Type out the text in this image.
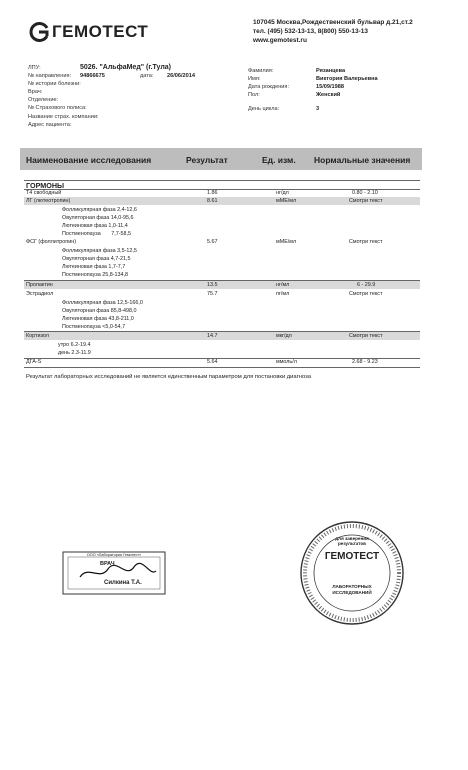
ГЕМОТЕСТ	107045 Москва,Рождественский бульвар д.21,ст.2
тел. (495) 532-13-13, 8(800) 550-13-13
www.gemotest.ru
ЛПУ:	5026. "АльфаМед" (г.Тула)
№ направления:	94866675	дата:	26/06/2014
№ истории болезни:
Врач:
Отделение:
№ Страхового полиса:
Название страх. компании:
Адрес пациента:
Фамилия:	Рязанцева
Имя:	Виктория Валерьевна
Дата рождения:	15/09/1988
Пол:	Женский
День цикла:	3
Наименование исследования	Результат	Ед. изм. Нормальные значения
ГОРМОНЫ
Т4 свободный	1.86	нг/дл	0.80 - 2.10
ЛГ (лютеотропин)	8.61	мМЕ/мл	Смотри текст
Фолликулярная фаза 2,4-12,6
Овуляторная фаза 14,0-95,6
Лютеиновая фаза 1,0-11,4
Постменопауза 7,7-58,5
ФСГ (фоллитропин)	5.67	мМЕ/мл	Смотри текст
Фолликулярная фаза 3,5-12,5
Овуляторная фаза 4,7-21,5
Лютеиновая фаза 1,7-7,7
Постменопауза 25,8-134,8
Пролактин	13.5	нг/мл	6 - 29.9
Эстрадиол	75.7	пг/мл	Смотри текст
Фолликулярная фаза 12,5-166,0
Овуляторная фаза 85,8-498,0
Лютеиновая фаза 43,8-211,0
Постменопауза <5,0-54,7
Кортизол	14.7	мкг/дл	Смотри текст
утро 6.2-19.4
день 2.3-11.9
ДГА-S	5.64	ммоль/л	2.68 - 9.23
Результат лабораторных исследований не является единственным параметром для постановки диагноза
для заверения результатов
ГЕМОТЕСТ
ЛАБОРАТОРНЫХ ИССЛЕДОВАНИЙ
ООО «Лаборатория Гемотест»
ВРАЧ
Силкина Т.А.
